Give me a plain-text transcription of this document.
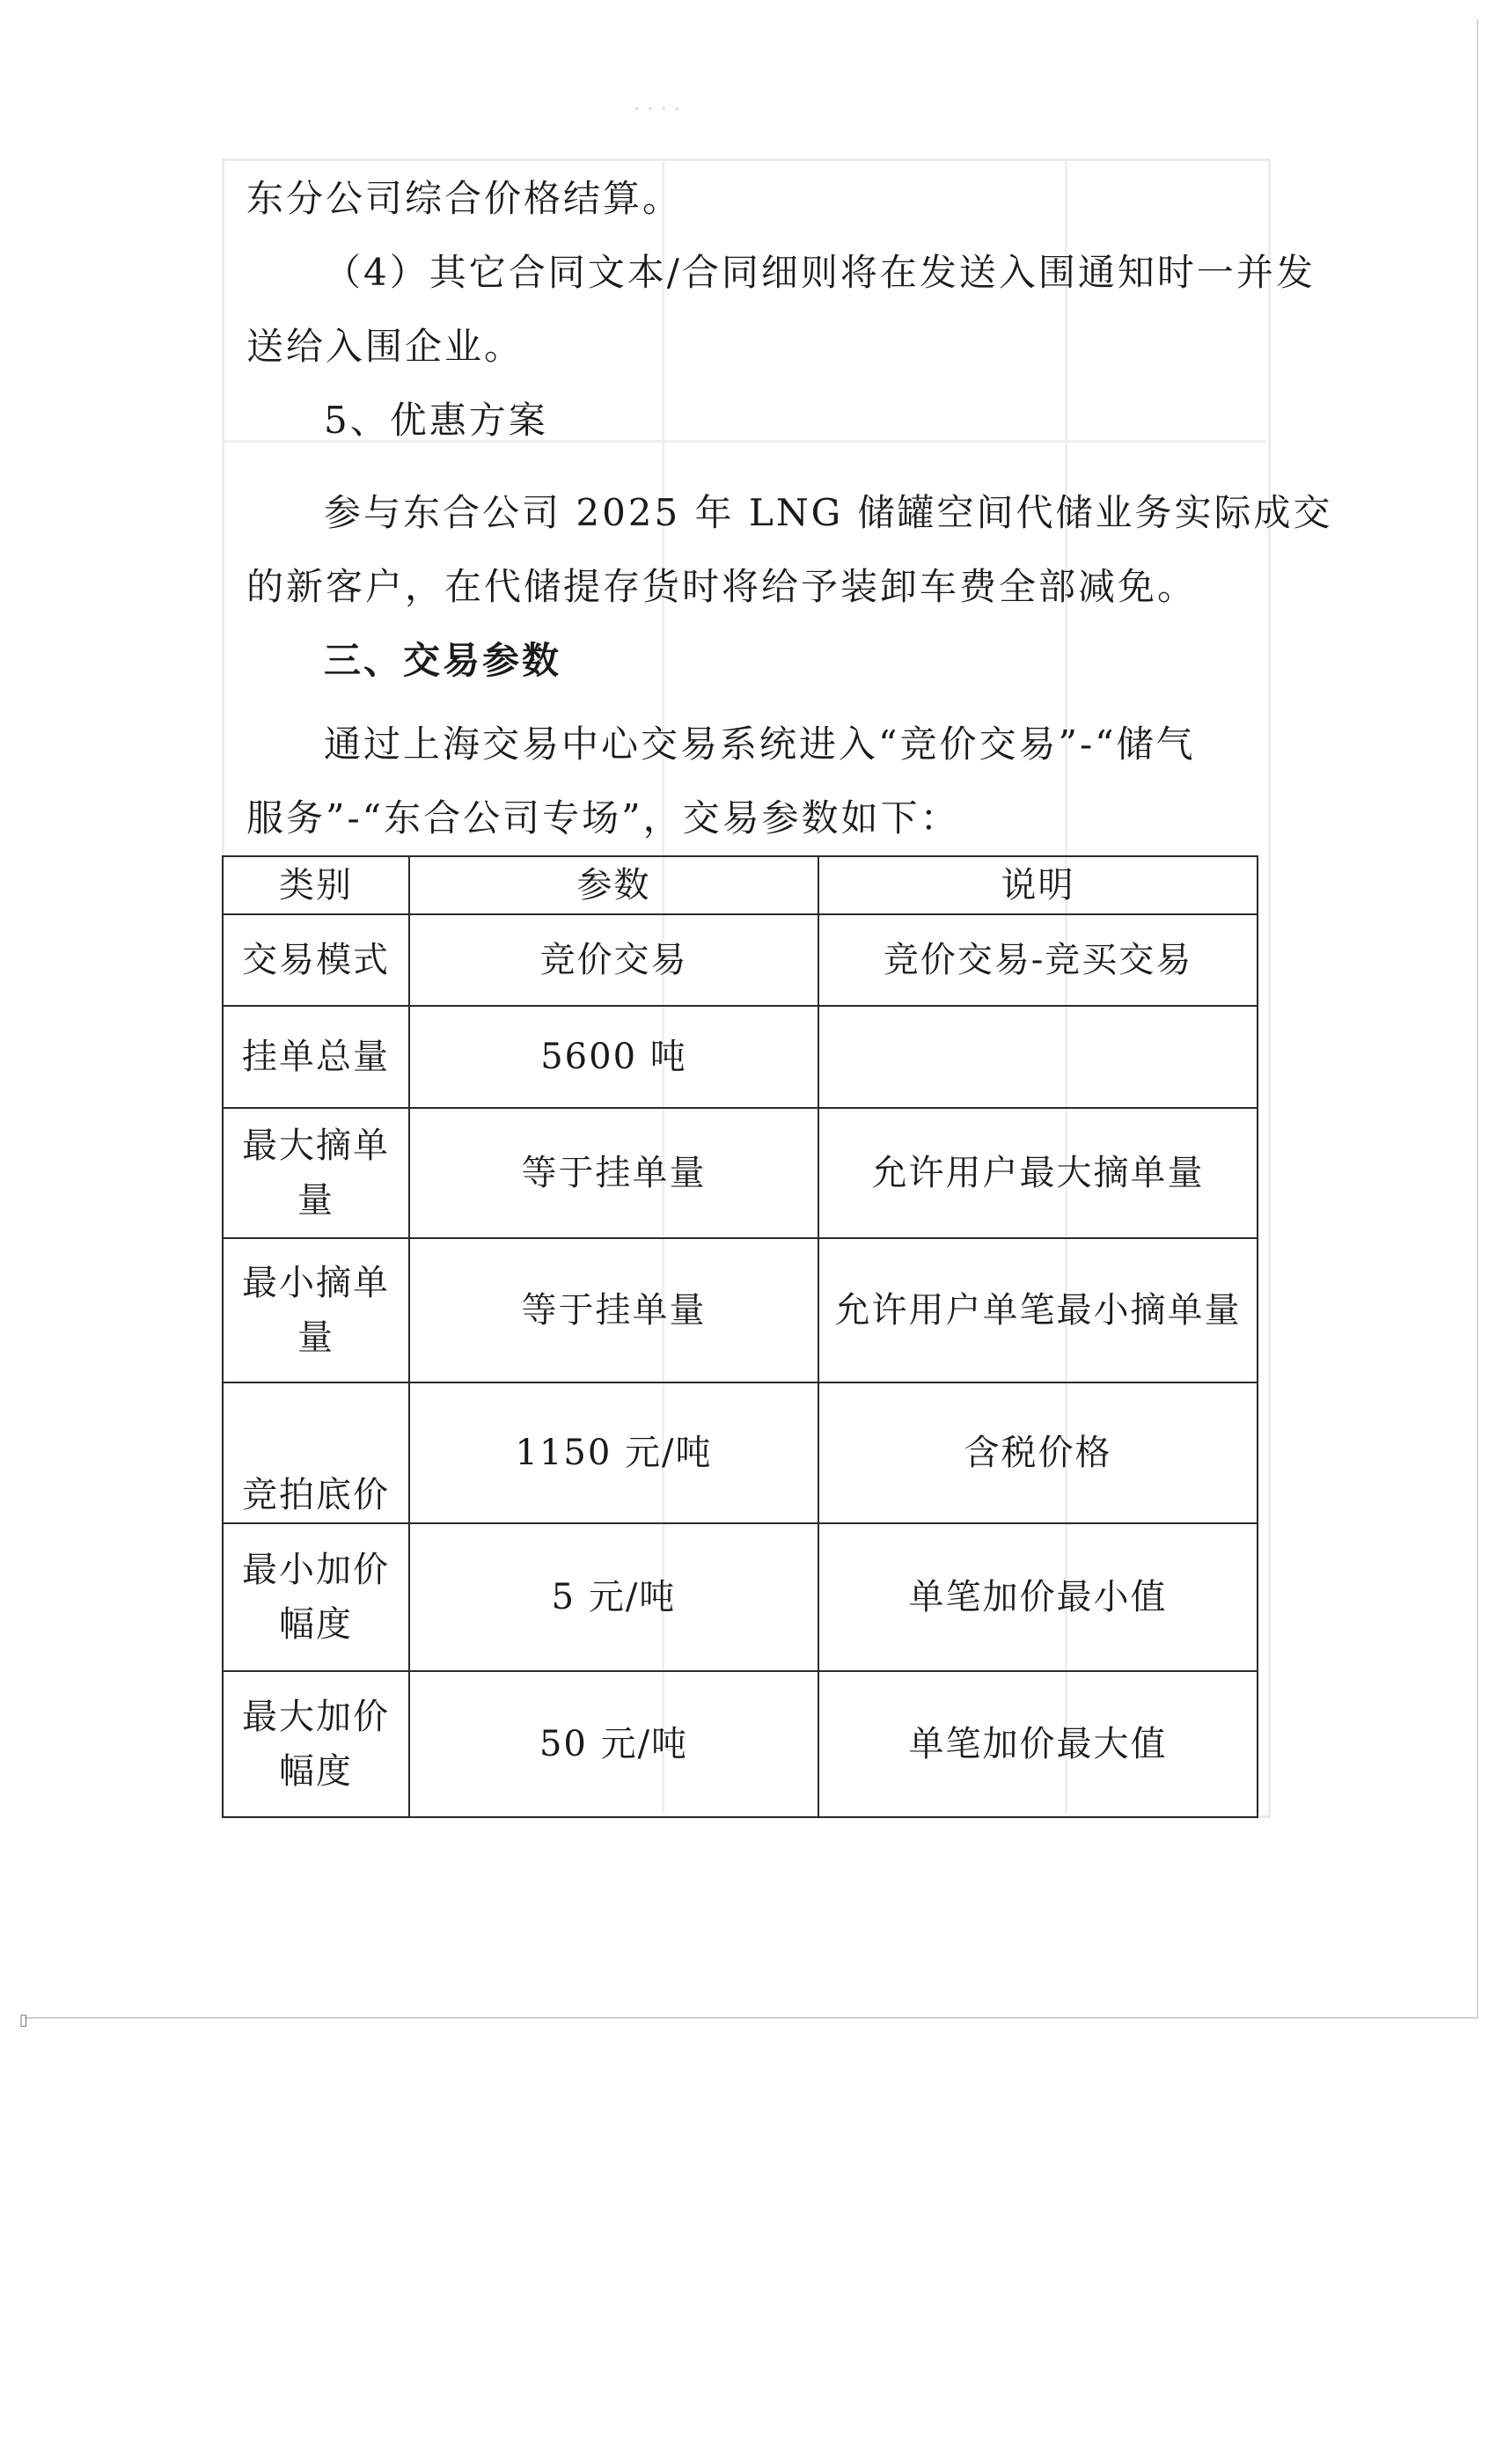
· · · ·
▯
东分公司综合价格结算。
（4）其它合同文本/合同细则将在发送入围通知时一并发
送给入围企业。
5、优惠方案
参与东合公司 2025 年 LNG 储罐空间代储业务实际成交
的新客户，在代储提存货时将给予装卸车费全部减免。
三、交易参数
通过上海交易中心交易系统进入“竞价交易”-“储气
服务”-“东合公司专场”，交易参数如下：
类别	参数	说明
交易模式	竞价交易	竞价交易-竞买交易
挂单总量	5600 吨	
最大摘单量	等于挂单量	允许用户最大摘单量
最小摘单量	等于挂单量	允许用户单笔最小摘单量
竞拍底价	1150 元/吨	含税价格
最小加价幅度	5 元/吨	单笔加价最小值
最大加价幅度	50 元/吨	单笔加价最大值
